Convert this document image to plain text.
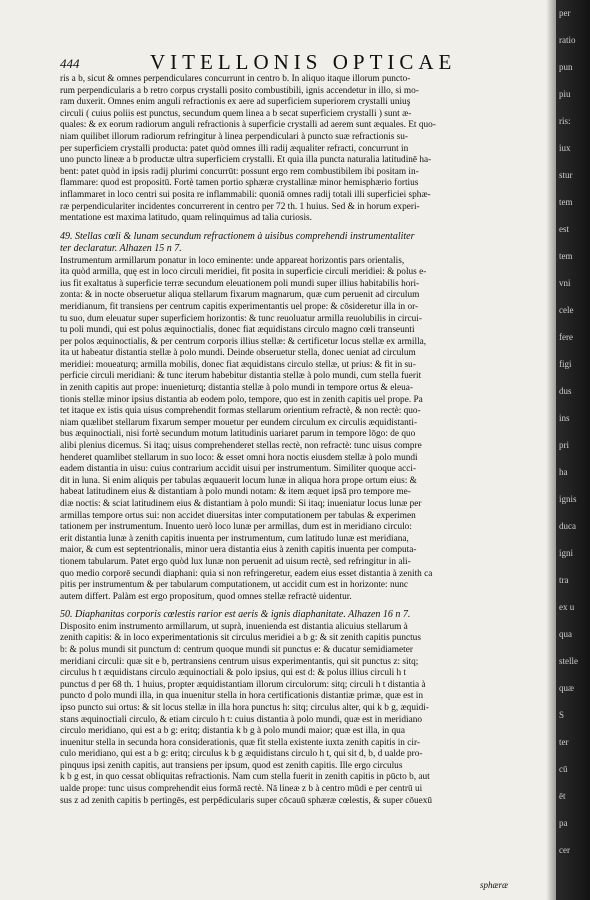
444	VITELLONIS OPTICAE

ris a b, sicut & omnes perpendiculares concurrunt in centro b. In aliquo itaque illorum puncto-
rum perpendicularis a b retro corpus crystalli posito combustibili, ignis accendetur in illo, si mo-
ram duxerit. Omnes enim anguli refractionis ex aere ad superficiem superiorem crystalli uniuş
circuli ( cuius poliis est punctus, secundum quem linea a b secat superficiem crystalli ) sunt æ-
quales: & ex eorum radiorum anguli refractionis à superficie crystalli ad aerem sunt æquales. Et quo-
niam quilibet illorum radiorum refringitur à linea perpendiculari à puncto suæ refractionis su-
per superficiem crystalli producta: patet quòd omnes illi radij æqualiter refracti, concurrunt in
uno puncto lineæ a b productæ ultra superficiem crystalli. Et quia illa puncta naturalia latitudinē ha-
bent: patet quòd in ipsis radij plurimi concurrūt: possunt ergo rem combustibilem ibi positam in-
flammare: quod est propositū. Fortè tamen portio sphæræ crystallinæ minor hemisphærio fortius
inflammaret in loco centri sui posita re inflammabili: quoniā omnes radij totali illi superficiei sphæ-
ræ perpendiculariter incidentes concurrerent in centro per 72 th. 1 huius. Sed & in horum experi-
mentatione est maxima latitudo, quam relinquimus ad talia curiosis.

49. Stellas cœli & lunam secundum refractionem à uisibus comprehendi instrumentaliter
ter declaratur. Alhazen 15 n 7.

Instrumentum armillarum ponatur in loco eminente: unde appareat horizontis pars orientalis,
ita quòd armilla, quę est in loco circuli meridiei, fit posita in superficie circuli meridiei: & polus e-
ius fit exaltatus à superficie terræ secundum eleuationem poli mundi super illius habitabilis hori-
zonta: & in nocte obseruetur aliqua stellarum fixarum magnarum, quæ cum peruenit ad circulum
meridianum, fit transiens per centrum capitis experimentantis uel prope: & cōsideretur illa in or-
tu suo, dum eleuatur super superficiem horizontis: & tunc reuoluatur armilla reuolubilis in circui-
tu poli mundi, qui est polus æquinoctialis, donec fiat æquidistans circulo magno cœli transeunti
per polos æquinoctialis, & per centrum corporis illius stellæ: & certificetur locus stellæ ex armilla,
ita ut habeatur distantia stellæ à polo mundi. Deinde obseruetur stella, donec ueniat ad circulum
meridiei: moueaturq; armilla mobilis, donec fiat æquidistans circulo stellæ, ut prius: & fit in su-
perficie circuli meridiani: & tunc iterum habebitur distantia stellæ à polo mundi, cum stella fuerit
in zenith capitis aut prope: inuenieturq; distantia stellæ à polo mundi in tempore ortus & eleua-
tionis stellæ minor ipsius distantia ab eodem polo, tempore, quo est in zenith capitis uel prope. Pa
tet itaque ex istis quia uisus comprehendit formas stellarum orientium refractè, & non rectè: quo-
niam quælibet stellarum fixarum semper mouetur per eundem circulum ex circulis æquidistanti-
bus æquinoctiali, nisi fortè secundum motum latitudinis uariaret parum in tempore lōgo: de quo
alibi plenius dicemus. Si itaq; uisus comprehenderet stellas rectè, non refractè: tunc uisus compre
henderet quamlibet stellarum in suo loco: & esset omni hora noctis eiusdem stellæ à polo mundi
eadem distantia in uisu: cuius contrarium accidit uisui per instrumentum. Similiter quoque acci-
dit in luna. Si enim aliquis per tabulas æquauerit locum lunæ in aliqua hora prope ortum eius: &
habeat latitudinem eius & distantiam à polo mundi notam: & item æquet ipsā pro tempore me-
diæ noctis: & sciat latitudinem eius & distantiam à polo mundi: Si itaq; inueniatur locus lunæ per
armillas tempore ortus sui: non accidet diuersitas inter computationem per tabulas & experimen
tationem per instrumentum. Inuento uerò loco lunæ per armillas, dum est in meridiano circulo:
erit distantia lunæ à zenith capitis inuenta per instrumentum, cum latitudo lunæ est meridiana,
maior, & cum est septentrionalis, minor uera distantia eius à zenith capitis inuenta per computa-
tionem tabularum. Patet ergo quòd lux lunæ non peruenit ad uisum rectè, sed refringitur in ali-
quo medio corporē secundi diaphani: quia si non refringeretur, eadem eius esset distantia à zenith ca
pitis per instrumentum & per tabularum computationem, ut accidit cum est in horizonte: nunc
autem differt. Palàm est ergo propositum, quod omnes stellæ refractè uidentur.

50. Diaphanitas corporis cœlestis rarior est aeris & ignis diaphanitate. Alhazen 16 n 7.

Disposito enim instrumento armillarum, ut suprà, inuenienda est distantia alicuius stellarum à
zenith capitis: & in loco experimentationis sit circulus meridiei a b g: & sit zenith capitis punctus
b: & polus mundi sit punctum d: centrum quoque mundi sit punctus e: & ducatur semidiameter
meridiani circuli: quæ sit e b, pertransiens centrum uisus experimentantis, qui sit punctus z: sitq;
circulus h t æquidistans circulo æquinoctiali & polo ipsius, qui est d: & polus illius circuli h t
punctus d per 68 th. 1 huius, propter æquidistantiam illorum circulorum: sitq; circuli h t distantia à
puncto d polo mundi illa, in qua inuenitur stella in hora certificationis distantiæ primæ, quæ est in
ipso puncto sui ortus: & sit locus stellæ in illa hora punctus h: sitq; circulus alter, qui k b g, æquidi-
stans æquinoctiali circulo, & etiam circulo h t: cuius distantia à polo mundi, quæ est in meridiano
circulo meridiano, qui est a b g: eritq; distantia k b g à polo mundi maior; quæ est illa, in qua
inuenitur stella in secunda hora considerationis, quæ fit stella existente iuxta zenith capitis in cir-
culo meridiano, qui est a b g: eritq; circulus k b g æquidistans circulo h t, qui sit d, b, d ualde pro-
pinquus ipsi zenith capitis, aut transiens per ipsum, quod est zenith capitis. Ille ergo circulus
k b g est, in quo cessat obliquitas refractionis. Nam cum stella fuerit in zenith capitis in pūcto b, aut
ualde prope: tunc uisus comprehendit eius formā rectè. Nā lineæ z b à centro mūdi e per centrū ui
sus z ad zenith capitis b pertingēs, est perpēdicularis super cōcauū sphæræ cœlestis, & super cōuexū

sphæræ
per
ratio
pun
piu
ris:
iux
stur
tem
est
tem
vni
cele
fere
figi
dus
ins
pri
ha
ignis
duca
igni
tra
ex u
qua
stelle
quæ
S
ter
cū
ēt
pa
cer
